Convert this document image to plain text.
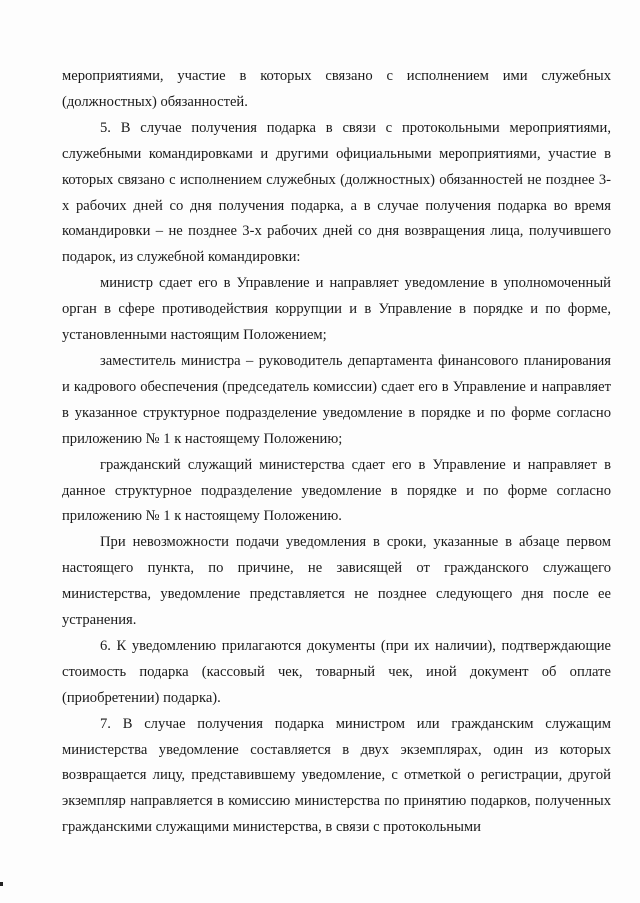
мероприятиями, участие в которых связано с исполнением ими служебных (должностных) обязанностей.

5. В случае получения подарка в связи с протокольными мероприятиями, служебными командировками и другими официальными мероприятиями, участие в которых связано с исполнением служебных (должностных) обязанностей не позднее 3-х рабочих дней со дня получения подарка, а в случае получения подарка во время командировки – не позднее 3-х рабочих дней со дня возвращения лица, получившего подарок, из служебной командировки:

министр сдает его в Управление и направляет уведомление в уполномоченный орган в сфере противодействия коррупции и в Управление в порядке и по форме, установленными настоящим Положением;

заместитель министра – руководитель департамента финансового планирования и кадрового обеспечения (председатель комиссии) сдает его в Управление и направляет в указанное структурное подразделение уведомление в порядке и по форме согласно приложению № 1 к настоящему Положению;

гражданский служащий министерства сдает его в Управление и направляет в данное структурное подразделение уведомление в порядке и по форме согласно приложению № 1 к настоящему Положению.

При невозможности подачи уведомления в сроки, указанные в абзаце первом настоящего пункта, по причине, не зависящей от гражданского служащего министерства, уведомление представляется не позднее следующего дня после ее устранения.

6. К уведомлению прилагаются документы (при их наличии), подтверждающие стоимость подарка (кассовый чек, товарный чек, иной документ об оплате (приобретении) подарка).

7. В случае получения подарка министром или гражданским служащим министерства уведомление составляется в двух экземплярах, один из которых возвращается лицу, представившему уведомление, с отметкой о регистрации, другой экземпляр направляется в комиссию министерства по принятию подарков, полученных гражданскими служащими министерства, в связи с протокольными
